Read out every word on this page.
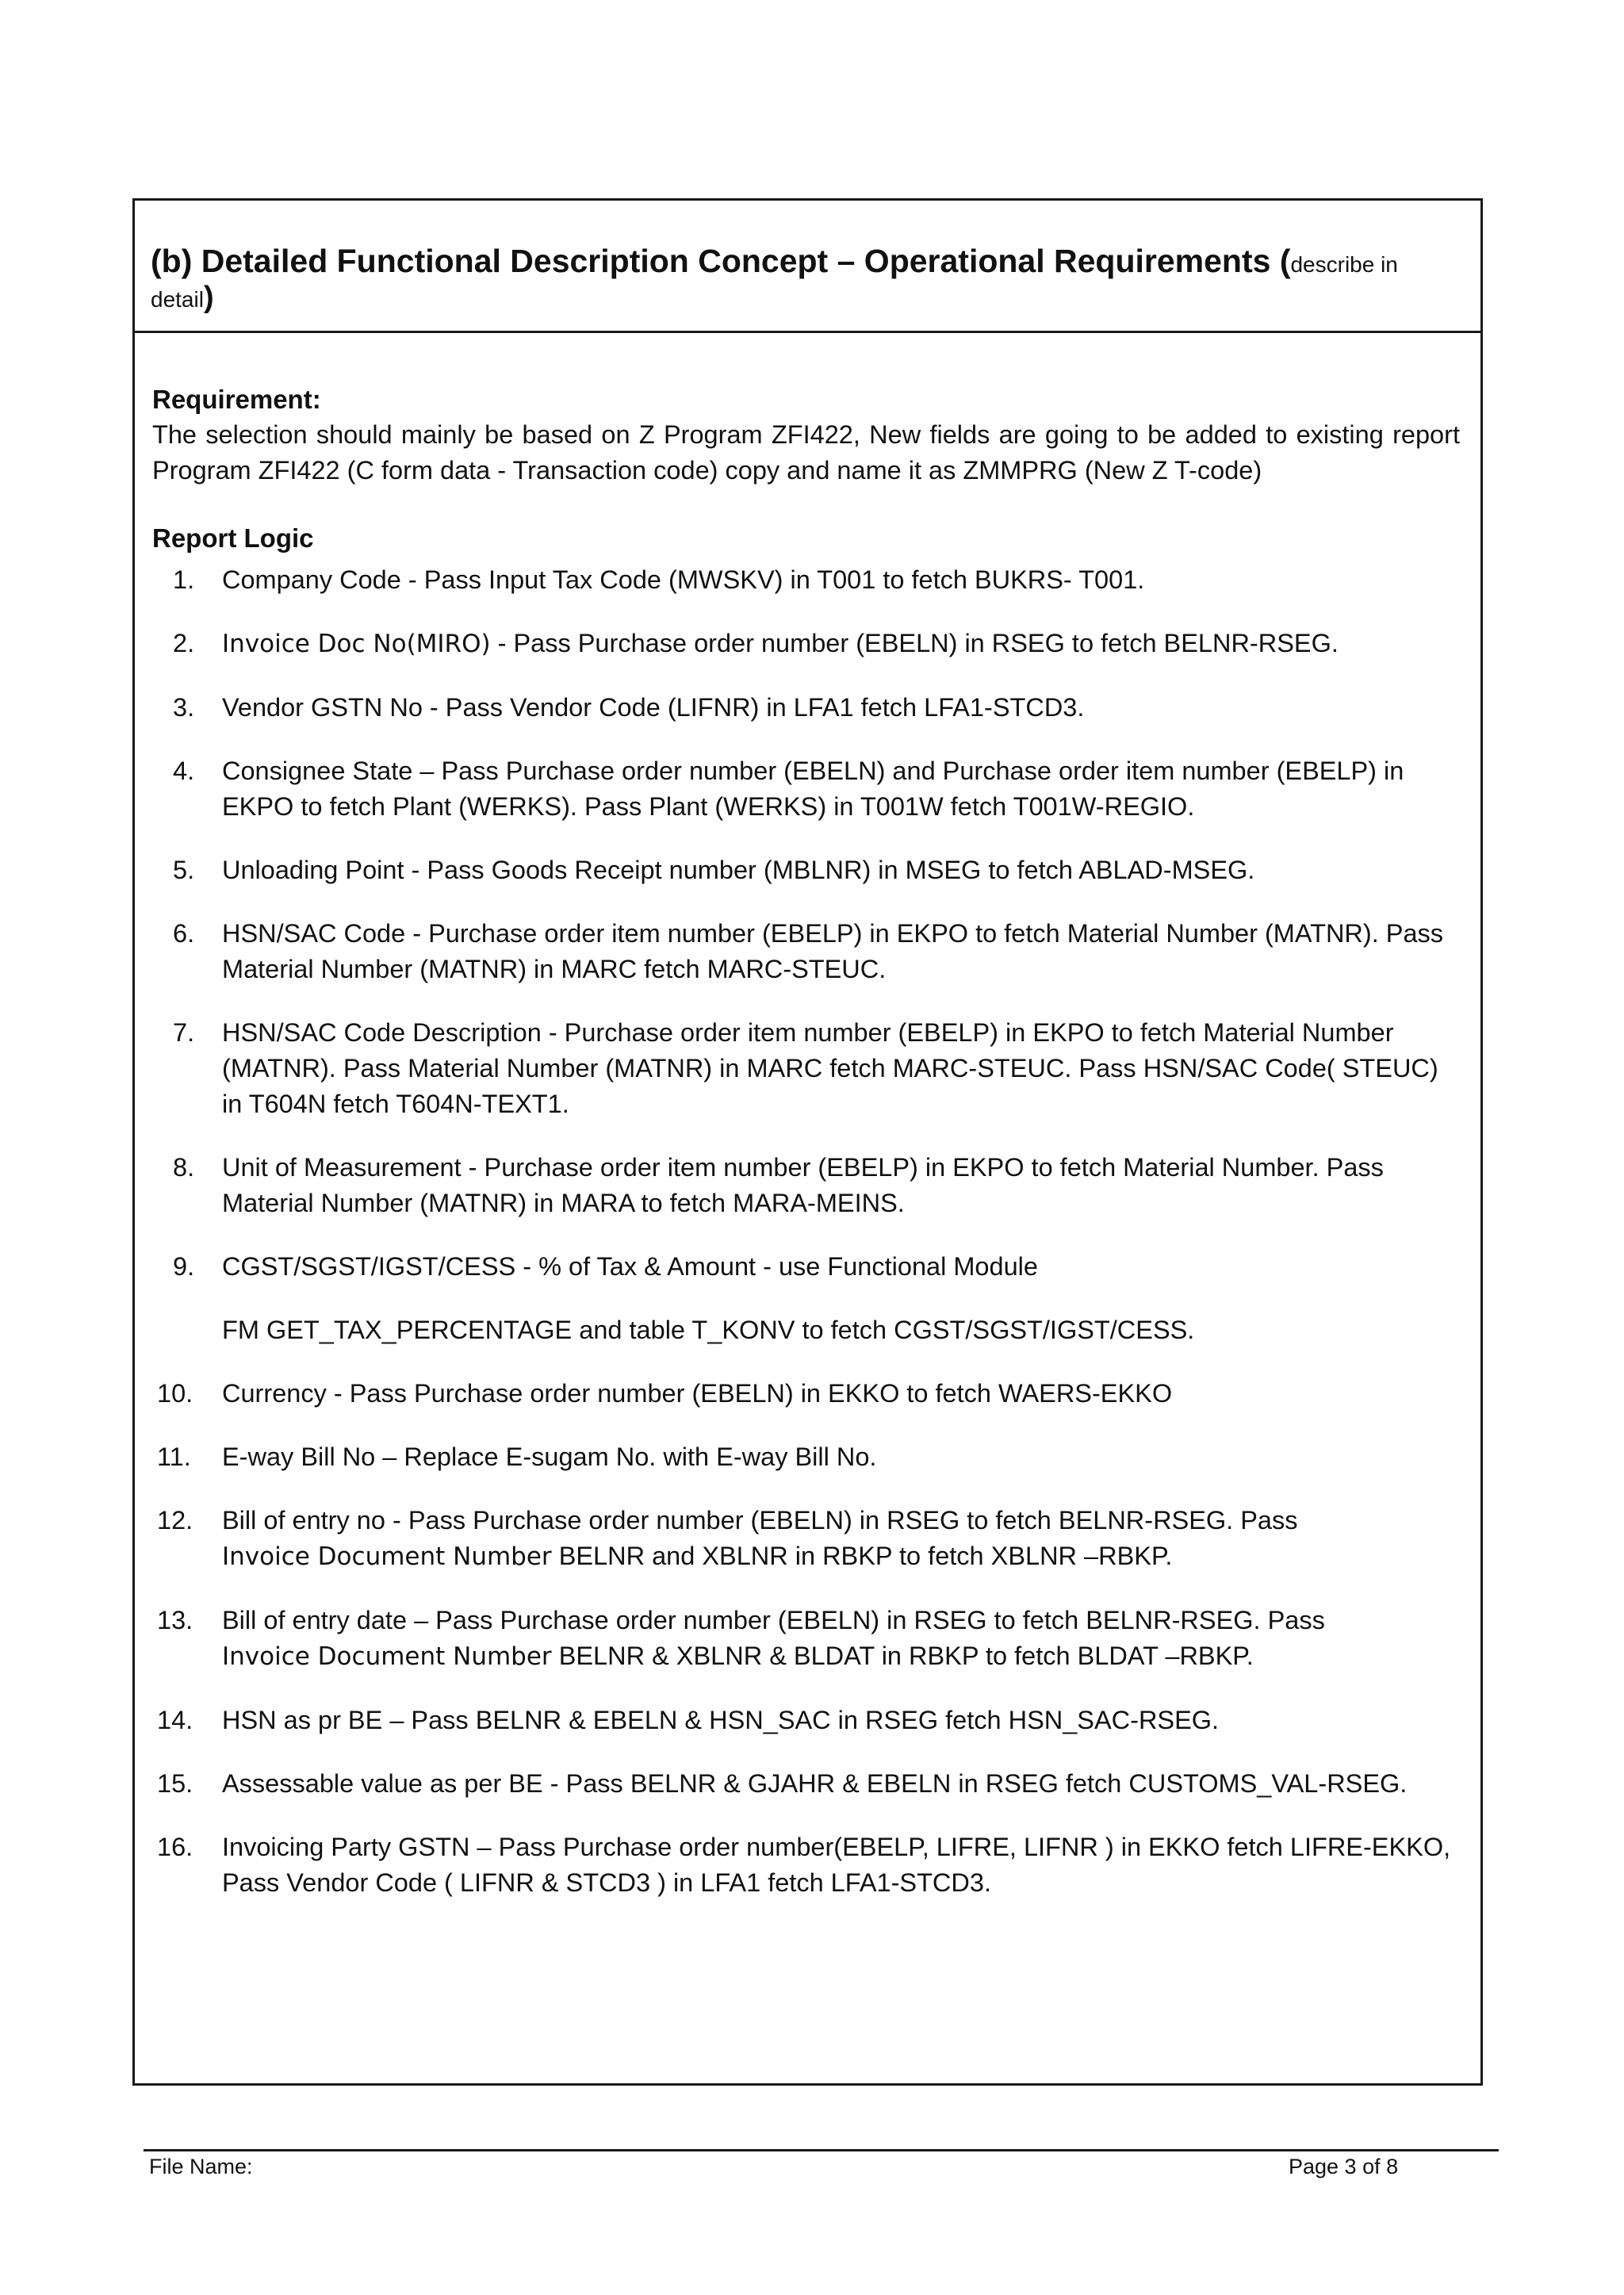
(b) Detailed Functional Description Concept – Operational Requirements (describe in
detail)

Requirement:

The selection should mainly be based on Z Program ZFI422, New fields are going to be added to existing report Program ZFI422 (C form data - Transaction code) copy and name it as ZMMPRG (New Z T-code)

Report Logic

1. Company Code - Pass Input Tax Code (MWSKV) in T001 to fetch BUKRS- T001.
2. Invoice Doc No(MIRO) - Pass Purchase order number (EBELN) in RSEG to fetch BELNR-RSEG.
3. Vendor GSTN No - Pass Vendor Code (LIFNR) in LFA1 fetch LFA1-STCD3.
4. Consignee State – Pass Purchase order number (EBELN) and Purchase order item number (EBELP) in EKPO to fetch Plant (WERKS). Pass Plant (WERKS) in T001W fetch T001W-REGIO.
5. Unloading Point - Pass Goods Receipt number (MBLNR) in MSEG to fetch ABLAD-MSEG.
6. HSN/SAC Code - Purchase order item number (EBELP) in EKPO to fetch Material Number (MATNR). Pass Material Number (MATNR) in MARC fetch MARC-STEUC.
7. HSN/SAC Code Description - Purchase order item number (EBELP) in EKPO to fetch Material Number (MATNR). Pass Material Number (MATNR) in MARC fetch MARC-STEUC. Pass HSN/SAC Code( STEUC) in T604N fetch T604N-TEXT1.
8. Unit of Measurement - Purchase order item number (EBELP) in EKPO to fetch Material Number. Pass Material Number (MATNR) in MARA to fetch MARA-MEINS.
9. CGST/SGST/IGST/CESS - % of Tax & Amount - use Functional Module
FM GET_TAX_PERCENTAGE and table T_KONV to fetch CGST/SGST/IGST/CESS.
10. Currency - Pass Purchase order number (EBELN) in EKKO to fetch WAERS-EKKO
11. E-way Bill No – Replace E-sugam No. with E-way Bill No.
12. Bill of entry no - Pass Purchase order number (EBELN) in RSEG to fetch BELNR-RSEG. Pass
Invoice Document Number BELNR and XBLNR in RBKP to fetch XBLNR –RBKP.
13. Bill of entry date – Pass Purchase order number (EBELN) in RSEG to fetch BELNR-RSEG. Pass
Invoice Document Number BELNR & XBLNR & BLDAT in RBKP to fetch BLDAT –RBKP.
14. HSN as pr BE – Pass BELNR & EBELN & HSN_SAC in RSEG fetch HSN_SAC-RSEG.
15. Assessable value as per BE - Pass BELNR & GJAHR & EBELN in RSEG fetch CUSTOMS_VAL-RSEG.
16. Invoicing Party GSTN – Pass Purchase order number(EBELP, LIFRE, LIFNR ) in EKKO fetch LIFRE-EKKO, Pass Vendor Code ( LIFNR & STCD3 ) in LFA1 fetch LFA1-STCD3.
File Name:	Page 3 of 8
